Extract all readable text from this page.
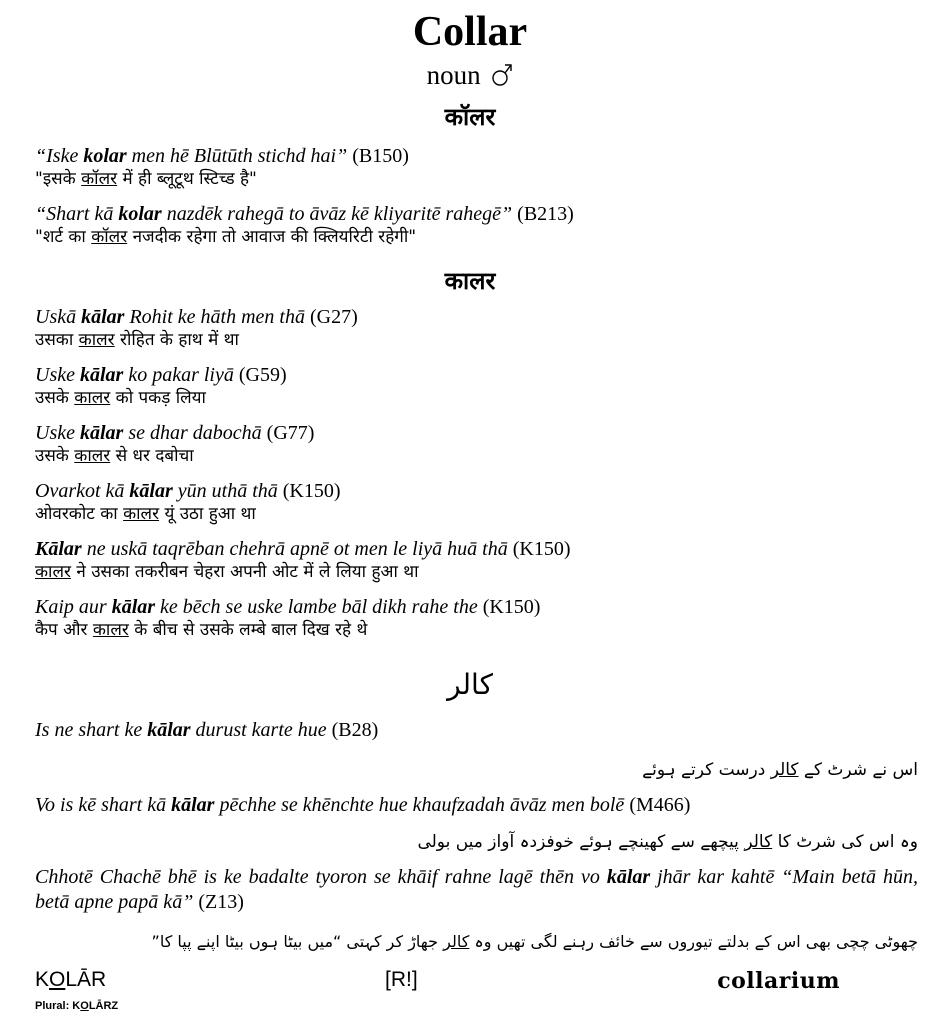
Collar
noun
कॉलर
“Iske kolar men hē Blūtūth stichd hai” (B150)
"इसके कॉलर में ही ब्लूटूथ स्टिच्ड है"
“Shart kā kolar nazdēk rahegā to āvāz kē kliyaritē rahegē” (B213)
"शर्ट का कॉलर नजदीक रहेगा तो आवाज की क्लियरिटी रहेगी"
कालर
Uskā kālar Rohit ke hāth men thā (G27)
उसका कालर रोहित के हाथ में था
Uske kālar ko pakar liyā (G59)
उसके कालर को पकड़ लिया
Uske kālar se dhar dabochā (G77)
उसके कालर से धर दबोचा
Ovarkot kā kālar yūn uthā thā (K150)
ओवरकोट का कालर यूं उठा हुआ था
Kālar ne uskā taqrēban chehrā apnē ot men le liyā huā thā (K150)
कालर ने उसका तकरीबन चेहरा अपनी ओट में ले लिया हुआ था
Kaip aur kālar ke bēch se uske lambe bāl dikh rahe the (K150)
कैप और कालर के बीच से उसके लम्बे बाल दिख रहे थे
کالر
Is ne shart ke kālar durust karte hue (B28)
اس نے شرٹ کے کالر درست کرتے ہوئے
Vo is kē shart kā kālar pēchhe se khēnchte hue khaufzadah āvāz men bolē (M466)
وہ اس کی شرٹ کا کالر پیچھے سے کھینچے ہوئے خوفزدہ آواز میں بولی
Chhotē Chachē bhē is ke badalte tyoron se khāif rahne lagē thēn vo kālar jhār kar kahtē “Main betā hūn, betā apne papā kā” (Z13)
چھوٹی چچی بھی اس کے بدلتے تیوروں سے خائف رہنے لگی تھیں وہ کالر جھاڑ کر کہتی “میں بیٹا ہوں بیٹا اپنے پپا کا”
KOLĀR	[R!]	collarium
Plural: KOLĀRZ
